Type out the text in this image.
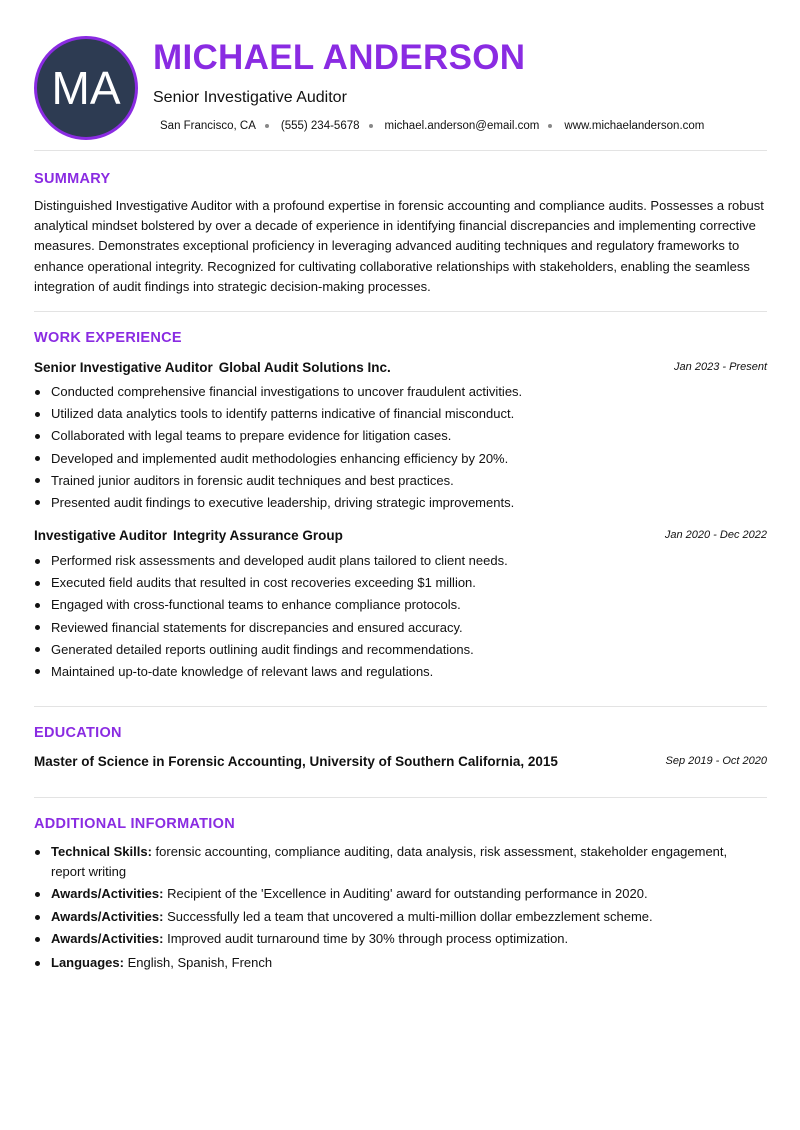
MA
MICHAEL ANDERSON
Senior Investigative Auditor
San Francisco, CA (555) 234-5678 michael.anderson@email.com www.michaelanderson.com
SUMMARY
Distinguished Investigative Auditor with a profound expertise in forensic accounting and compliance audits. Possesses a robust analytical mindset bolstered by over a decade of experience in identifying financial discrepancies and implementing corrective measures. Demonstrates exceptional proficiency in leveraging advanced auditing techniques and regulatory frameworks to enhance operational integrity. Recognized for cultivating collaborative relationships with stakeholders, enabling the seamless integration of audit findings into strategic decision-making processes.
WORK EXPERIENCE
Senior Investigative Auditor Global Audit Solutions Inc.	Jan 2023 - Present
Conducted comprehensive financial investigations to uncover fraudulent activities.
Utilized data analytics tools to identify patterns indicative of financial misconduct.
Collaborated with legal teams to prepare evidence for litigation cases.
Developed and implemented audit methodologies enhancing efficiency by 20%.
Trained junior auditors in forensic audit techniques and best practices.
Presented audit findings to executive leadership, driving strategic improvements.
Investigative Auditor Integrity Assurance Group	Jan 2020 - Dec 2022
Performed risk assessments and developed audit plans tailored to client needs.
Executed field audits that resulted in cost recoveries exceeding $1 million.
Engaged with cross-functional teams to enhance compliance protocols.
Reviewed financial statements for discrepancies and ensured accuracy.
Generated detailed reports outlining audit findings and recommendations.
Maintained up-to-date knowledge of relevant laws and regulations.
EDUCATION
Master of Science in Forensic Accounting, University of Southern California, 2015	Sep 2019 - Oct 2020
ADDITIONAL INFORMATION
Technical Skills: forensic accounting, compliance auditing, data analysis, risk assessment, stakeholder engagement, report writing
Awards/Activities: Recipient of the 'Excellence in Auditing' award for outstanding performance in 2020.
Awards/Activities: Successfully led a team that uncovered a multi-million dollar embezzlement scheme.
Awards/Activities: Improved audit turnaround time by 30% through process optimization.
Languages: English, Spanish, French
